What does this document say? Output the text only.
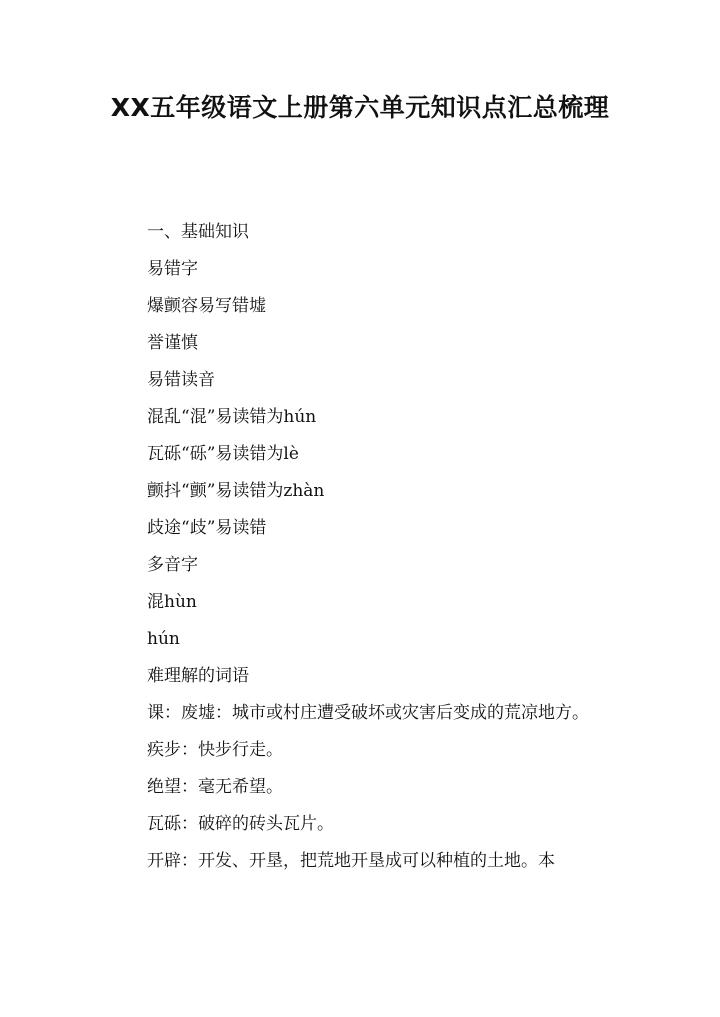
XX五年级语文上册第六单元知识点汇总梳理

一、基础知识

易错字

爆颤容易写错墟

誉谨慎

易错读音

混乱“混”易读错为hún

瓦砾“砾”易读错为lè

颤抖“颤”易读错为zhàn

歧途“歧”易读错

多音字

混hùn

hún

难理解的词语

课：废墟：城市或村庄遭受破坏或灾害后变成的荒凉地方。

疾步：快步行走。

绝望：毫无希望。

瓦砾：破碎的砖头瓦片。

开辟：开发、开垦，把荒地开垦成可以种植的土地。本
